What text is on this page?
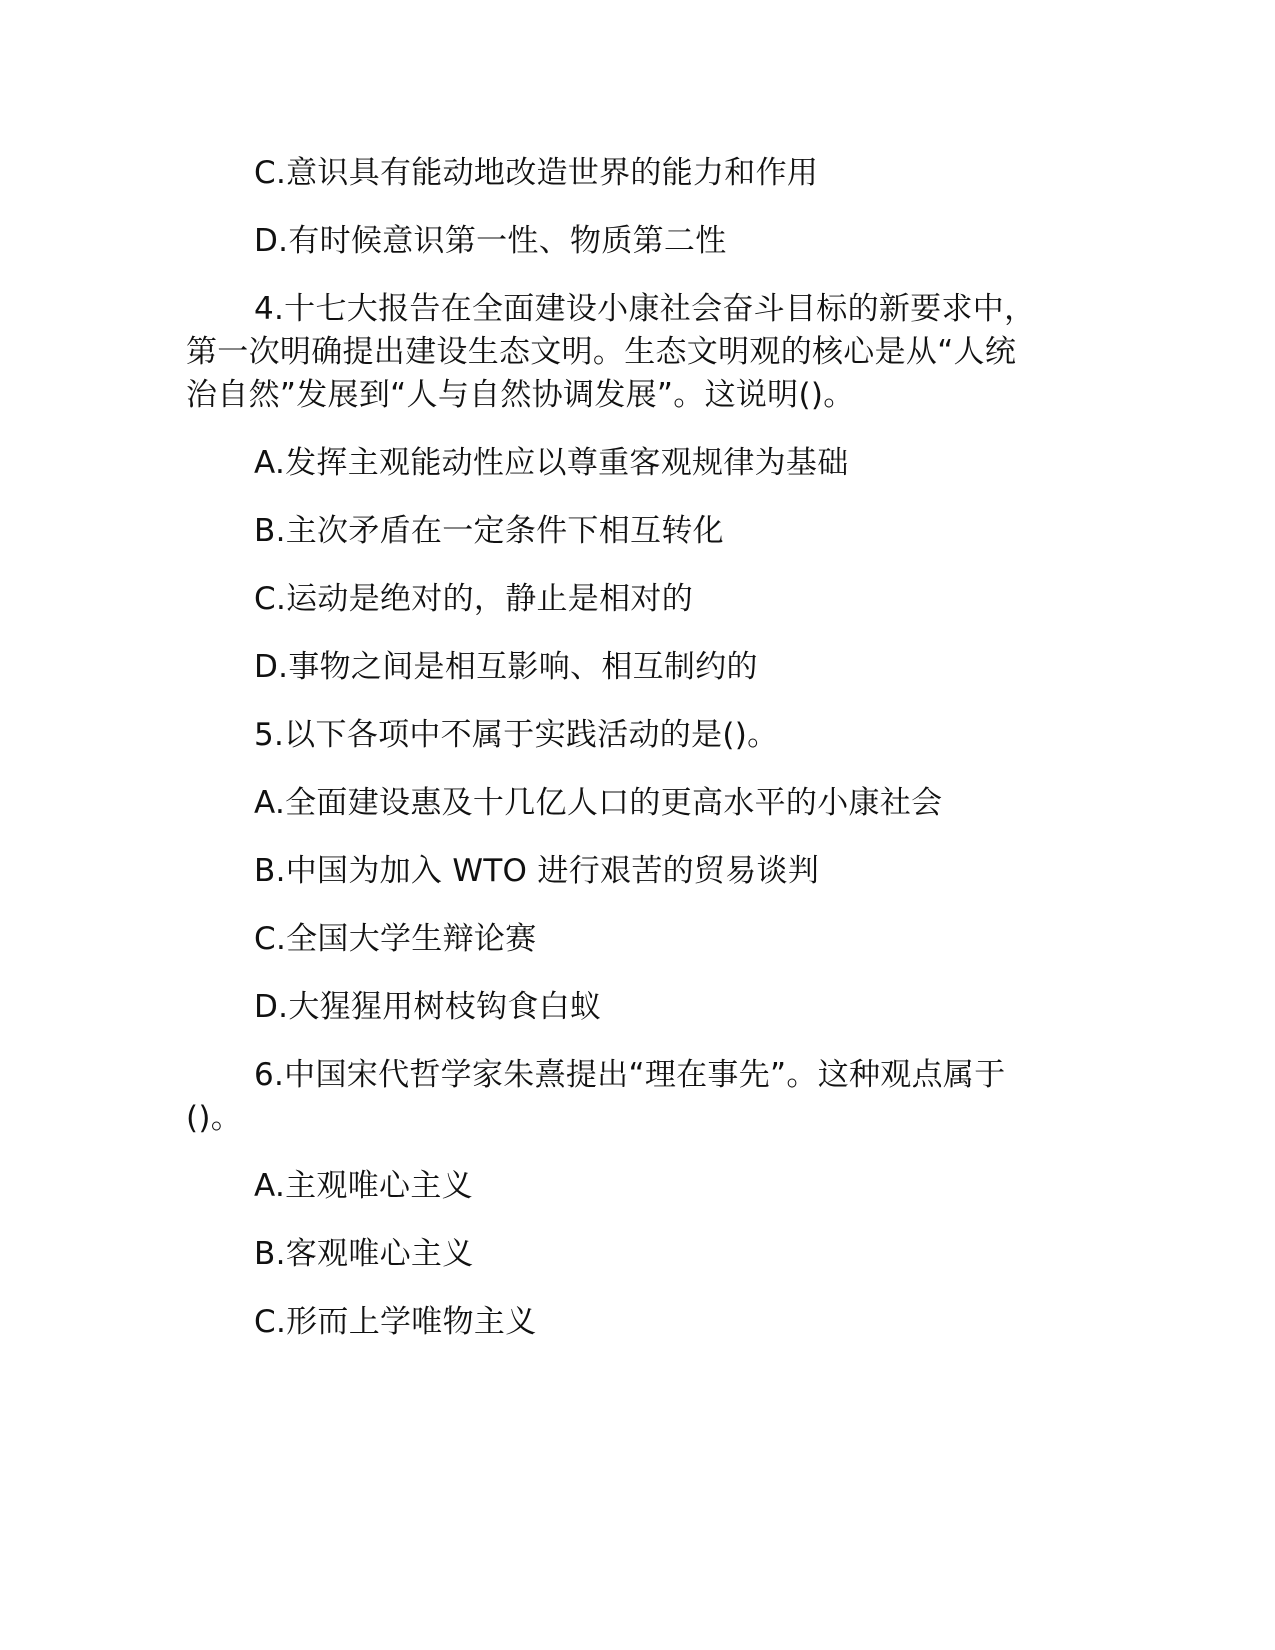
C.意识具有能动地改造世界的能力和作用
D.有时候意识第一性、物质第二性
4.十七大报告在全面建设小康社会奋斗目标的新要求中，
第一次明确提出建设生态文明。生态文明观的核心是从“人统
治自然”发展到“人与自然协调发展”。这说明()。
A.发挥主观能动性应以尊重客观规律为基础
B.主次矛盾在一定条件下相互转化
C.运动是绝对的，静止是相对的
D.事物之间是相互影响、相互制约的
5.以下各项中不属于实践活动的是()。
A.全面建设惠及十几亿人口的更高水平的小康社会
B.中国为加入 WTO 进行艰苦的贸易谈判
C.全国大学生辩论赛
D.大猩猩用树枝钩食白蚁
6.中国宋代哲学家朱熹提出“理在事先”。这种观点属于
()。
A.主观唯心主义
B.客观唯心主义
C.形而上学唯物主义
